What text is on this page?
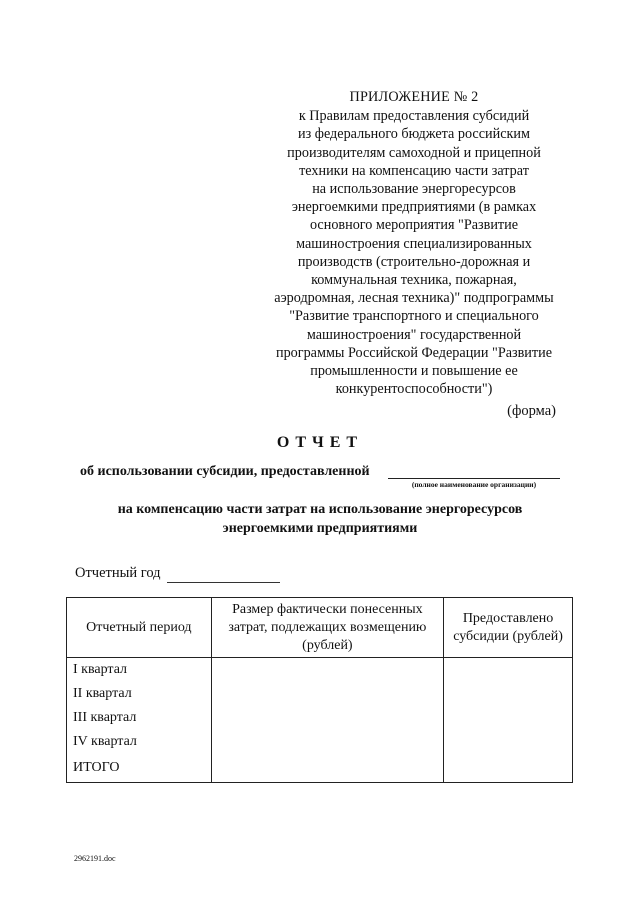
ПРИЛОЖЕНИЕ № 2
к Правилам предоставления субсидий
из федерального бюджета российским
производителям самоходной и прицепной
техники на компенсацию части затрат
на использование энергоресурсов
энергоемкими предприятиями (в рамках
основного мероприятия "Развитие
машиностроения специализированных
производств (строительно-дорожная и
коммунальная техника, пожарная,
аэродромная, лесная техника)" подпрограммы
"Развитие транспортного и специального
машиностроения" государственной
программы Российской Федерации "Развитие
промышленности и повышение ее
конкурентоспособности")
(форма)
ОТЧЕТ
об использовании субсидии, предоставленной
(полное наименование организации)
на компенсацию части затрат на использование энергоресурсов
энергоемкими предприятиями
Отчетный год
Отчетный период	Размер фактически понесенных затрат, подлежащих возмещению (рублей)	Предоставлено субсидии (рублей)
I квартал		
II квартал		
III квартал		
IV квартал		
ИТОГО		
2962191.doc
